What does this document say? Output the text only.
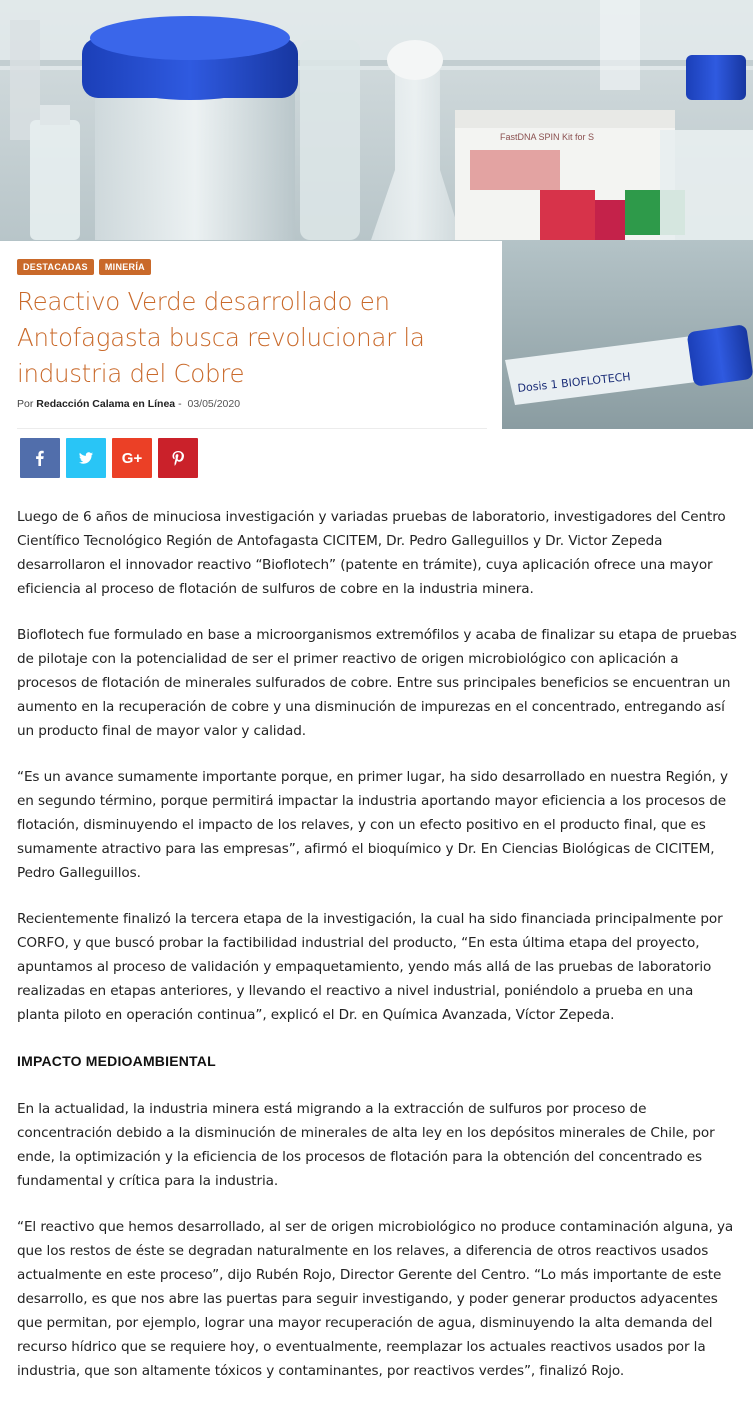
FastDNA SPIN Kit for S
Dosis 1 BIOFLOTECH
DESTACADAS	MINERÍA
Reactivo Verde desarrollado en Antofagasta busca revolucionar la industria del Cobre
Por Redacción Calama en Línea - 03/05/2020
G+

Luego de 6 años de minuciosa investigación y variadas pruebas de laboratorio, investigadores del Centro Científico Tecnológico Región de Antofagasta CICITEM, Dr. Pedro Galleguillos y Dr. Victor Zepeda desarrollaron el innovador reactivo “Bioflotech” (patente en trámite), cuya aplicación ofrece una mayor eficiencia al proceso de flotación de sulfuros de cobre en la industria minera.

Bioflotech fue formulado en base a microorganismos extremófilos y acaba de finalizar su etapa de pruebas de pilotaje con la potencialidad de ser el primer reactivo de origen microbiológico con aplicación a procesos de flotación de minerales sulfurados de cobre. Entre sus principales beneficios se encuentran un aumento en la recuperación de cobre y una disminución de impurezas en el concentrado, entregando así un producto final de mayor valor y calidad.

“Es un avance sumamente importante porque, en primer lugar, ha sido desarrollado en nuestra Región, y en segundo término, porque permitirá impactar la industria aportando mayor eficiencia a los procesos de flotación, disminuyendo el impacto de los relaves, y con un efecto positivo en el producto final, que es sumamente atractivo para las empresas”, afirmó el bioquímico y Dr. En Ciencias Biológicas de CICITEM, Pedro Galleguillos.

Recientemente finalizó la tercera etapa de la investigación, la cual ha sido financiada principalmente por CORFO, y que buscó probar la factibilidad industrial del producto, “En esta última etapa del proyecto, apuntamos al proceso de validación y empaquetamiento, yendo más allá de las pruebas de laboratorio realizadas en etapas anteriores, y llevando el reactivo a nivel industrial, poniéndolo a prueba en una planta piloto en operación continua”, explicó el Dr. en Química Avanzada, Víctor Zepeda.

IMPACTO MEDIOAMBIENTAL

En la actualidad, la industria minera está migrando a la extracción de sulfuros por proceso de concentración debido a la disminución de minerales de alta ley en los depósitos minerales de Chile, por ende, la optimización y la eficiencia de los procesos de flotación para la obtención del concentrado es fundamental y crítica para la industria.

“El reactivo que hemos desarrollado, al ser de origen microbiológico no produce contaminación alguna, ya que los restos de éste se degradan naturalmente en los relaves, a diferencia de otros reactivos usados actualmente en este proceso”, dijo Rubén Rojo, Director Gerente del Centro. “Lo más importante de este desarrollo, es que nos abre las puertas para seguir investigando, y poder generar productos adyacentes que permitan, por ejemplo, lograr una mayor recuperación de agua, disminuyendo la alta demanda del recurso hídrico que se requiere hoy, o eventualmente, reemplazar los actuales reactivos usados por la industria, que son altamente tóxicos y contaminantes, por reactivos verdes”, finalizó Rojo.
